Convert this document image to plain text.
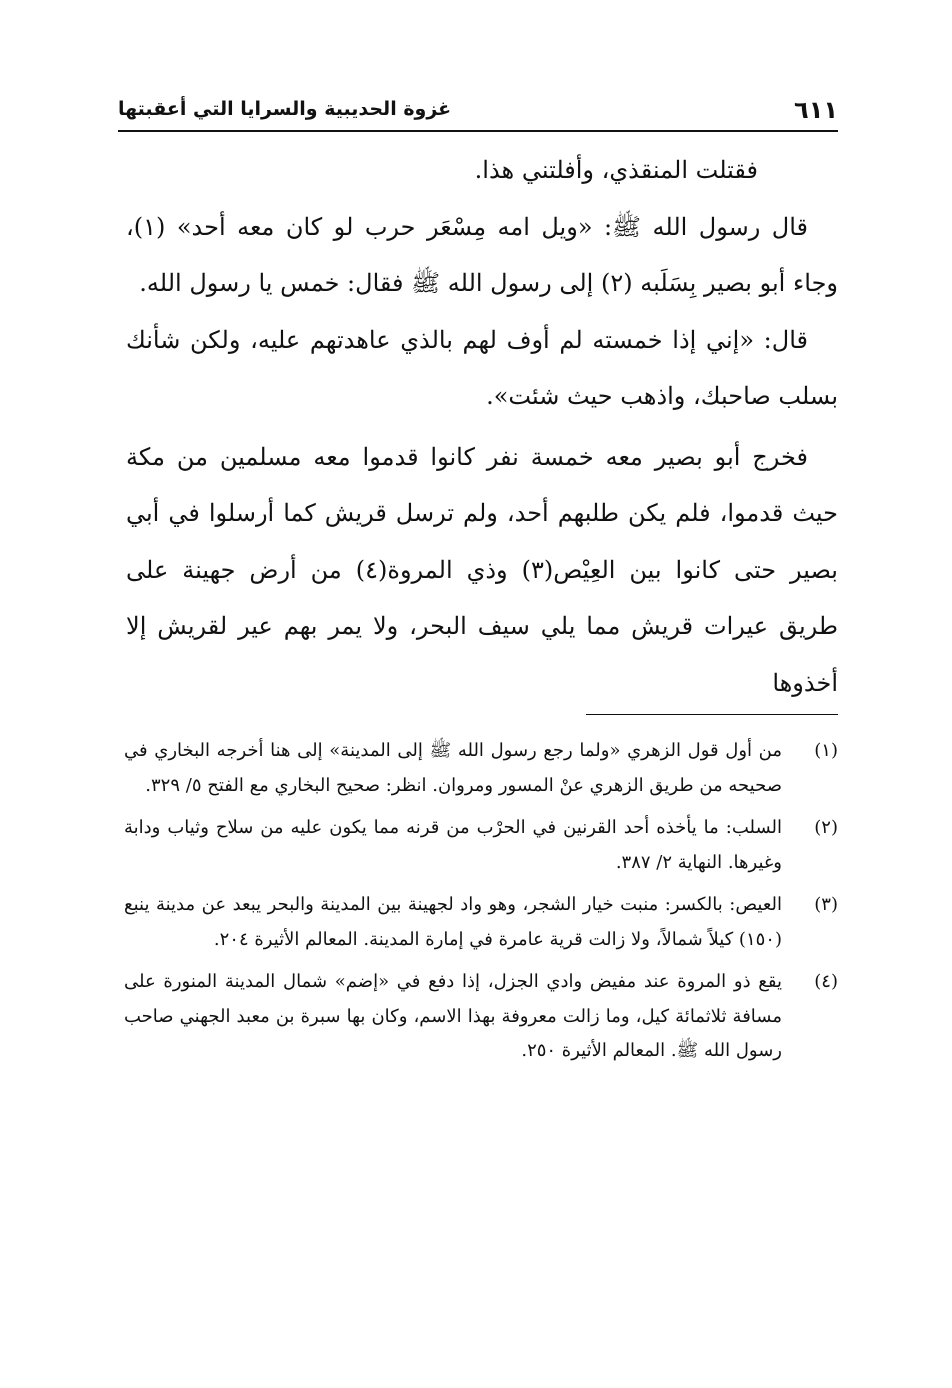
٦١١
غزوة الحديبية والسرايا التي أعقبتها

فقتلت المنقذي، وأفلتني هذا.

قال رسول الله ﷺ: «ويل امه مِسْعَر حرب لو كان معه أحد» (١)، وجاء أبو بصير بِسَلَبه (٢) إلى رسول الله ﷺ فقال: خمس يا رسول الله.

قال: «إني إذا خمسته لم أوف لهم بالذي عاهدتهم عليه، ولكن شأنك بسلب صاحبك، واذهب حيث شئت».

فخرج أبو بصير معه خمسة نفر كانوا قدموا معه مسلمين من مكة حيث قدموا، فلم يكن طلبهم أحد، ولم ترسل قريش كما أرسلوا في أبي بصير حتى كانوا بين العِيْص(٣) وذي المروة(٤) من أرض جهينة على طريق عيرات قريش مما يلي سيف البحر، ولا يمر بهم عير لقريش إلا أخذوها

(١)
من أول قول الزهري «ولما رجع رسول الله ﷺ إلى المدينة» إلى هنا أخرجه البخاري في صحيحه من طريق الزهري عنْ المسور ومروان. انظر: صحيح البخاري مع الفتح ٥/ ٣٢٩.
(٢)
السلب: ما يأخذه أحد القرنين في الحرْب من قرنه مما يكون عليه من سلاح وثياب ودابة وغيرها. النهاية ٢/ ٣٨٧.
(٣)
العيص: بالكسر: منبت خيار الشجر، وهو واد لجهينة بين المدينة والبحر يبعد عن مدينة ينبع (١٥٠) كيلاً شمالاً، ولا زالت قرية عامرة في إمارة المدينة. المعالم الأثيرة ٢٠٤.
(٤)
يقع ذو المروة عند مفيض وادي الجزل، إذا دفع في «إضم» شمال المدينة المنورة على مسافة ثلاثمائة كيل، وما زالت معروفة بهذا الاسم، وكان بها سبرة بن معبد الجهني صاحب رسول الله ﷺ. المعالم الأثيرة ٢٥٠.
